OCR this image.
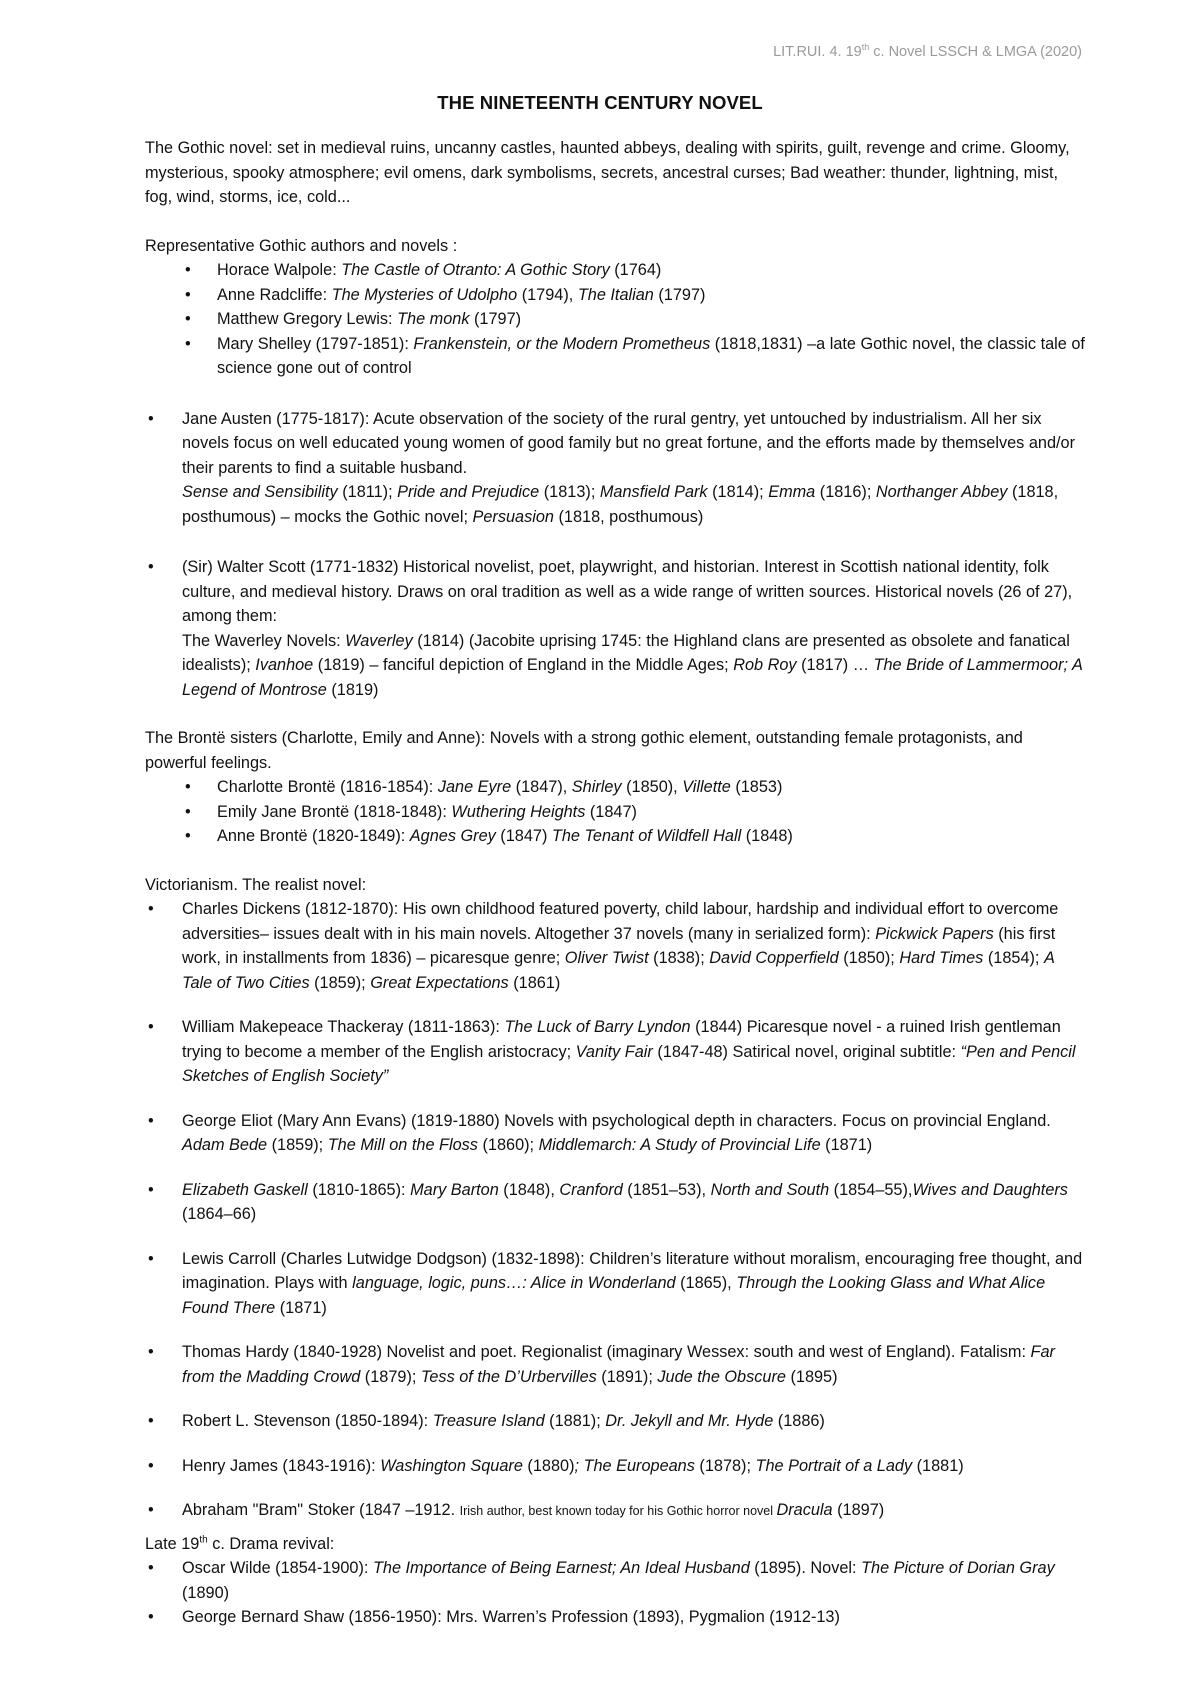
LIT.RUI. 4. 19th c. Novel LSSCH & LMGA (2020)
THE NINETEENTH CENTURY NOVEL

The Gothic novel: set in medieval ruins, uncanny castles, haunted abbeys, dealing with spirits, guilt, revenge and crime. Gloomy, mysterious, spooky atmosphere; evil omens, dark symbolisms, secrets, ancestral curses; Bad weather: thunder, lightning, mist, fog, wind, storms, ice, cold...

Representative Gothic authors and novels :

• Horace Walpole: The Castle of Otranto: A Gothic Story (1764)
• Anne Radcliffe: The Mysteries of Udolpho (1794), The Italian (1797)
• Matthew Gregory Lewis: The monk (1797)
• Mary Shelley (1797-1851): Frankenstein, or the Modern Prometheus (1818,1831) –a late Gothic novel, the classic tale of science gone out of control
• Jane Austen (1775-1817): Acute observation of the society of the rural gentry, yet untouched by industrialism. All her six novels focus on well educated young women of good family but no great fortune, and the efforts made by themselves and/or their parents to find a suitable husband.
Sense and Sensibility (1811); Pride and Prejudice (1813); Mansfield Park (1814); Emma (1816); Northanger Abbey (1818, posthumous) – mocks the Gothic novel; Persuasion (1818, posthumous)
• (Sir) Walter Scott (1771-1832) Historical novelist, poet, playwright, and historian. Interest in Scottish national identity, folk culture, and medieval history. Draws on oral tradition as well as a wide range of written sources. Historical novels (26 of 27), among them:
The Waverley Novels: Waverley (1814) (Jacobite uprising 1745: the Highland clans are presented as obsolete and fanatical idealists); Ivanhoe (1819) – fanciful depiction of England in the Middle Ages; Rob Roy (1817) … The Bride of Lammermoor; A Legend of Montrose (1819)

The Brontë sisters (Charlotte, Emily and Anne): Novels with a strong gothic element, outstanding female protagonists, and powerful feelings.

• Charlotte Brontë (1816-1854): Jane Eyre (1847), Shirley (1850), Villette (1853)
• Emily Jane Brontë (1818-1848): Wuthering Heights (1847)
• Anne Brontë (1820-1849): Agnes Grey (1847) The Tenant of Wildfell Hall (1848)

Victorianism. The realist novel:

• Charles Dickens (1812-1870): His own childhood featured poverty, child labour, hardship and individual effort to overcome adversities– issues dealt with in his main novels. Altogether 37 novels (many in serialized form): Pickwick Papers (his first work, in installments from 1836) – picaresque genre; Oliver Twist (1838); David Copperfield (1850); Hard Times (1854); A Tale of Two Cities (1859); Great Expectations (1861)
• William Makepeace Thackeray (1811-1863): The Luck of Barry Lyndon (1844) Picaresque novel - a ruined Irish gentleman trying to become a member of the English aristocracy; Vanity Fair (1847-48) Satirical novel, original subtitle: “Pen and Pencil Sketches of English Society”
• George Eliot (Mary Ann Evans) (1819-1880) Novels with psychological depth in characters. Focus on provincial England. Adam Bede (1859); The Mill on the Floss (1860); Middlemarch: A Study of Provincial Life (1871)
• Elizabeth Gaskell (1810-1865): Mary Barton (1848), Cranford (1851–53), North and South (1854–55),Wives and Daughters (1864–66)
• Lewis Carroll (Charles Lutwidge Dodgson) (1832-1898): Children’s literature without moralism, encouraging free thought, and imagination. Plays with language, logic, puns…: Alice in Wonderland (1865), Through the Looking Glass and What Alice Found There (1871)
• Thomas Hardy (1840-1928) Novelist and poet. Regionalist (imaginary Wessex: south and west of England). Fatalism: Far from the Madding Crowd (1879); Tess of the D’Urbervilles (1891); Jude the Obscure (1895)
• Robert L. Stevenson (1850-1894): Treasure Island (1881); Dr. Jekyll and Mr. Hyde (1886)
• Henry James (1843-1916): Washington Square (1880); The Europeans (1878); The Portrait of a Lady (1881)
• Abraham "Bram" Stoker (1847 –1912. Irish author, best known today for his Gothic horror novel Dracula (1897)

Late 19th c. Drama revival:

• Oscar Wilde (1854-1900): The Importance of Being Earnest; An Ideal Husband (1895). Novel: The Picture of Dorian Gray (1890)
• George Bernard Shaw (1856-1950): Mrs. Warren’s Profession (1893), Pygmalion (1912-13)
